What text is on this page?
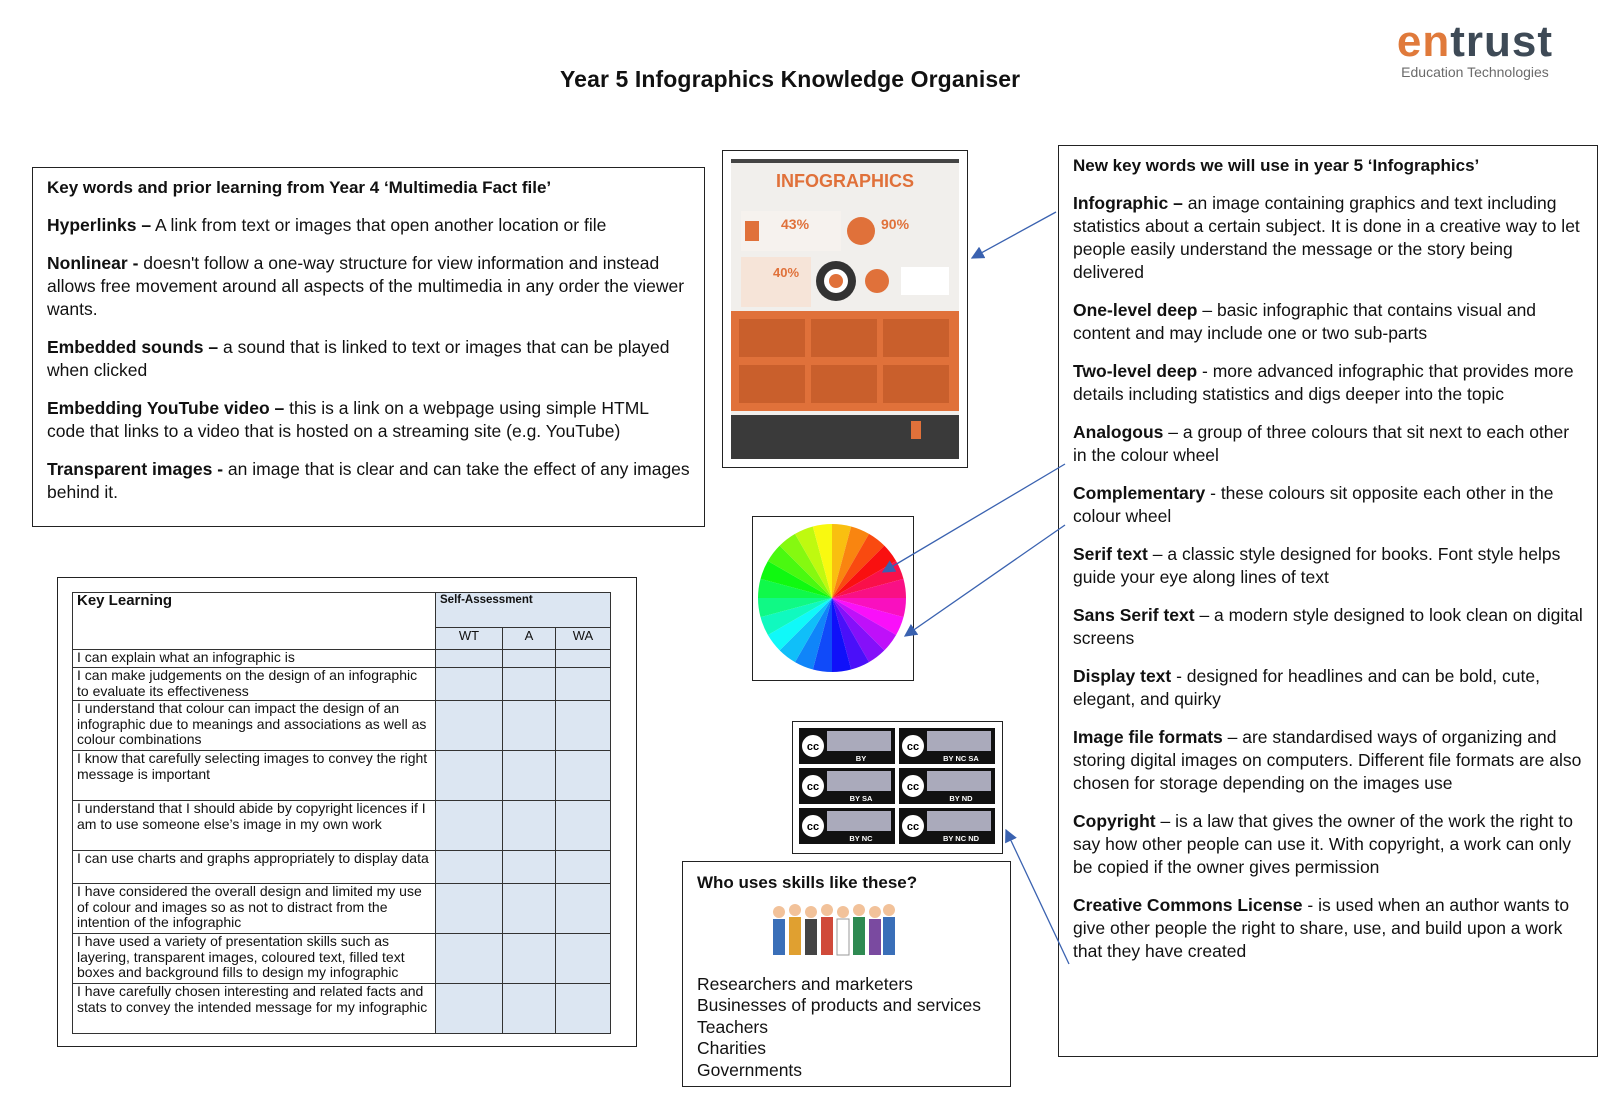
Year 5 Infographics Knowledge Organiser
entrust
Education Technologies
Key words and prior learning from Year 4 ‘Multimedia Fact file’
Hyperlinks – A link from text or images that open another location or file
Nonlinear - doesn't follow a one-way structure for view information and instead allows free movement around all aspects of the multimedia in any order the viewer wants.
Embedded sounds – a sound that is linked to text or images that can be played when clicked
Embedding YouTube video – this is a link on a webpage using simple HTML code that links to a video that is hosted on a streaming site (e.g. YouTube)
Transparent images - an image that is clear and can take the effect of any images behind it.
New key words we will use in year 5 ‘Infographics’
Infographic – an image containing graphics and text including statistics about a certain subject. It is done in a creative way to let people easily understand the message or the story being delivered
One-level deep – basic infographic that contains visual and content and may include one or two sub-parts
Two-level deep - more advanced infographic that provides more details including statistics and digs deeper into the topic
Analogous – a group of three colours that sit next to each other in the colour wheel
Complementary - these colours sit opposite each other in the colour wheel
Serif text – a classic style designed for books. Font style helps guide your eye along lines of text
Sans Serif text – a modern style designed to look clean on digital screens
Display text - designed for headlines and can be bold, cute, elegant, and quirky
Image file formats – are standardised ways of organizing and storing digital images on computers. Different file formats are also chosen for storage depending on the images use
Copyright – is a law that gives the owner of the work the right to say how other people can use it. With copyright, a work can only be copied if the owner gives permission
Creative Commons License - is used when an author wants to give other people the right to share, use, and build upon a work that they have created
Key Learning	Self-Assessment		
	WT	A	WA
I can explain what an infographic is			
I can make judgements on the design of an infographic to evaluate its effectiveness			
I understand that colour can impact the design of an infographic due to meanings and associations as well as colour combinations			
I know that carefully selecting images to convey the right message is important			
I understand that I should abide by copyright licences if I am to use someone else’s image in my own work			
I can use charts and graphs appropriately to display data			
I have considered the overall design and limited my use of colour and images so as not to distract from the intention of the infographic			
I have used a variety of presentation skills such as layering, transparent images, coloured text, filled text boxes and background fills to design my infographic			
I have carefully chosen interesting and related facts and stats to convey the intended message for my infographic			
INFOGRAPHICS
43%	90%
40%
cc
BY
cc
BY NC SA
cc
BY SA
cc
BY ND
cc
BY NC
cc
BY NC ND
Who uses skills like these?
Researchers and marketers
Businesses of products and services
Teachers
Charities
Governments
